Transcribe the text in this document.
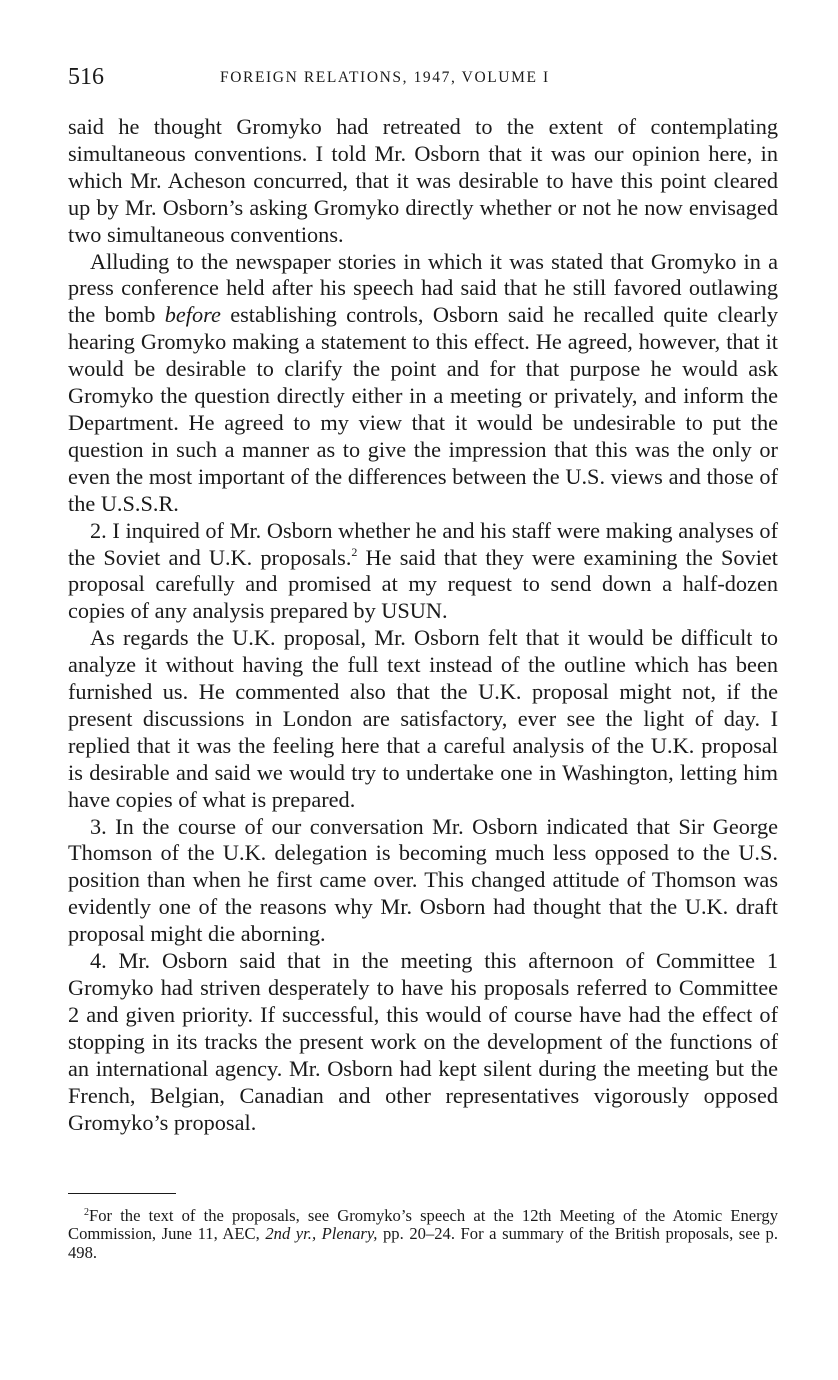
516	FOREIGN RELATIONS, 1947, VOLUME I

said he thought Gromyko had retreated to the extent of contemplating simultaneous conventions. I told Mr. Osborn that it was our opinion here, in which Mr. Acheson concurred, that it was desirable to have this point cleared up by Mr. Osborn’s asking Gromyko directly whether or not he now envisaged two simultaneous conventions.

Alluding to the newspaper stories in which it was stated that Gromyko in a press conference held after his speech had said that he still favored outlawing the bomb before establishing controls, Osborn said he recalled quite clearly hearing Gromyko making a statement to this effect. He agreed, however, that it would be desirable to clarify the point and for that purpose he would ask Gromyko the question directly either in a meeting or privately, and inform the Department. He agreed to my view that it would be undesirable to put the question in such a manner as to give the impression that this was the only or even the most important of the differences between the U.S. views and those of the U.S.S.R.

2. I inquired of Mr. Osborn whether he and his staff were making analyses of the Soviet and U.K. proposals.$^2$ He said that they were examining the Soviet proposal carefully and promised at my request to send down a half-dozen copies of any analysis prepared by USUN.

As regards the U.K. proposal, Mr. Osborn felt that it would be difficult to analyze it without having the full text instead of the outline which has been furnished us. He commented also that the U.K. proposal might not, if the present discussions in London are satisfactory, ever see the light of day. I replied that it was the feeling here that a careful analysis of the U.K. proposal is desirable and said we would try to undertake one in Washington, letting him have copies of what is prepared.

3. In the course of our conversation Mr. Osborn indicated that Sir George Thomson of the U.K. delegation is becoming much less opposed to the U.S. position than when he first came over. This changed attitude of Thomson was evidently one of the reasons why Mr. Osborn had thought that the U.K. draft proposal might die aborning.

4. Mr. Osborn said that in the meeting this afternoon of Committee 1 Gromyko had striven desperately to have his proposals referred to Committee 2 and given priority. If successful, this would of course have had the effect of stopping in its tracks the present work on the development of the functions of an international agency. Mr. Osborn had kept silent during the meeting but the French, Belgian, Canadian and other representatives vigorously opposed Gromyko’s proposal.

$^2$For the text of the proposals, see Gromyko’s speech at the 12th Meeting of the Atomic Energy Commission, June 11, AEC, 2nd yr., Plenary, pp. 20–24. For a summary of the British proposals, see p. 498.
